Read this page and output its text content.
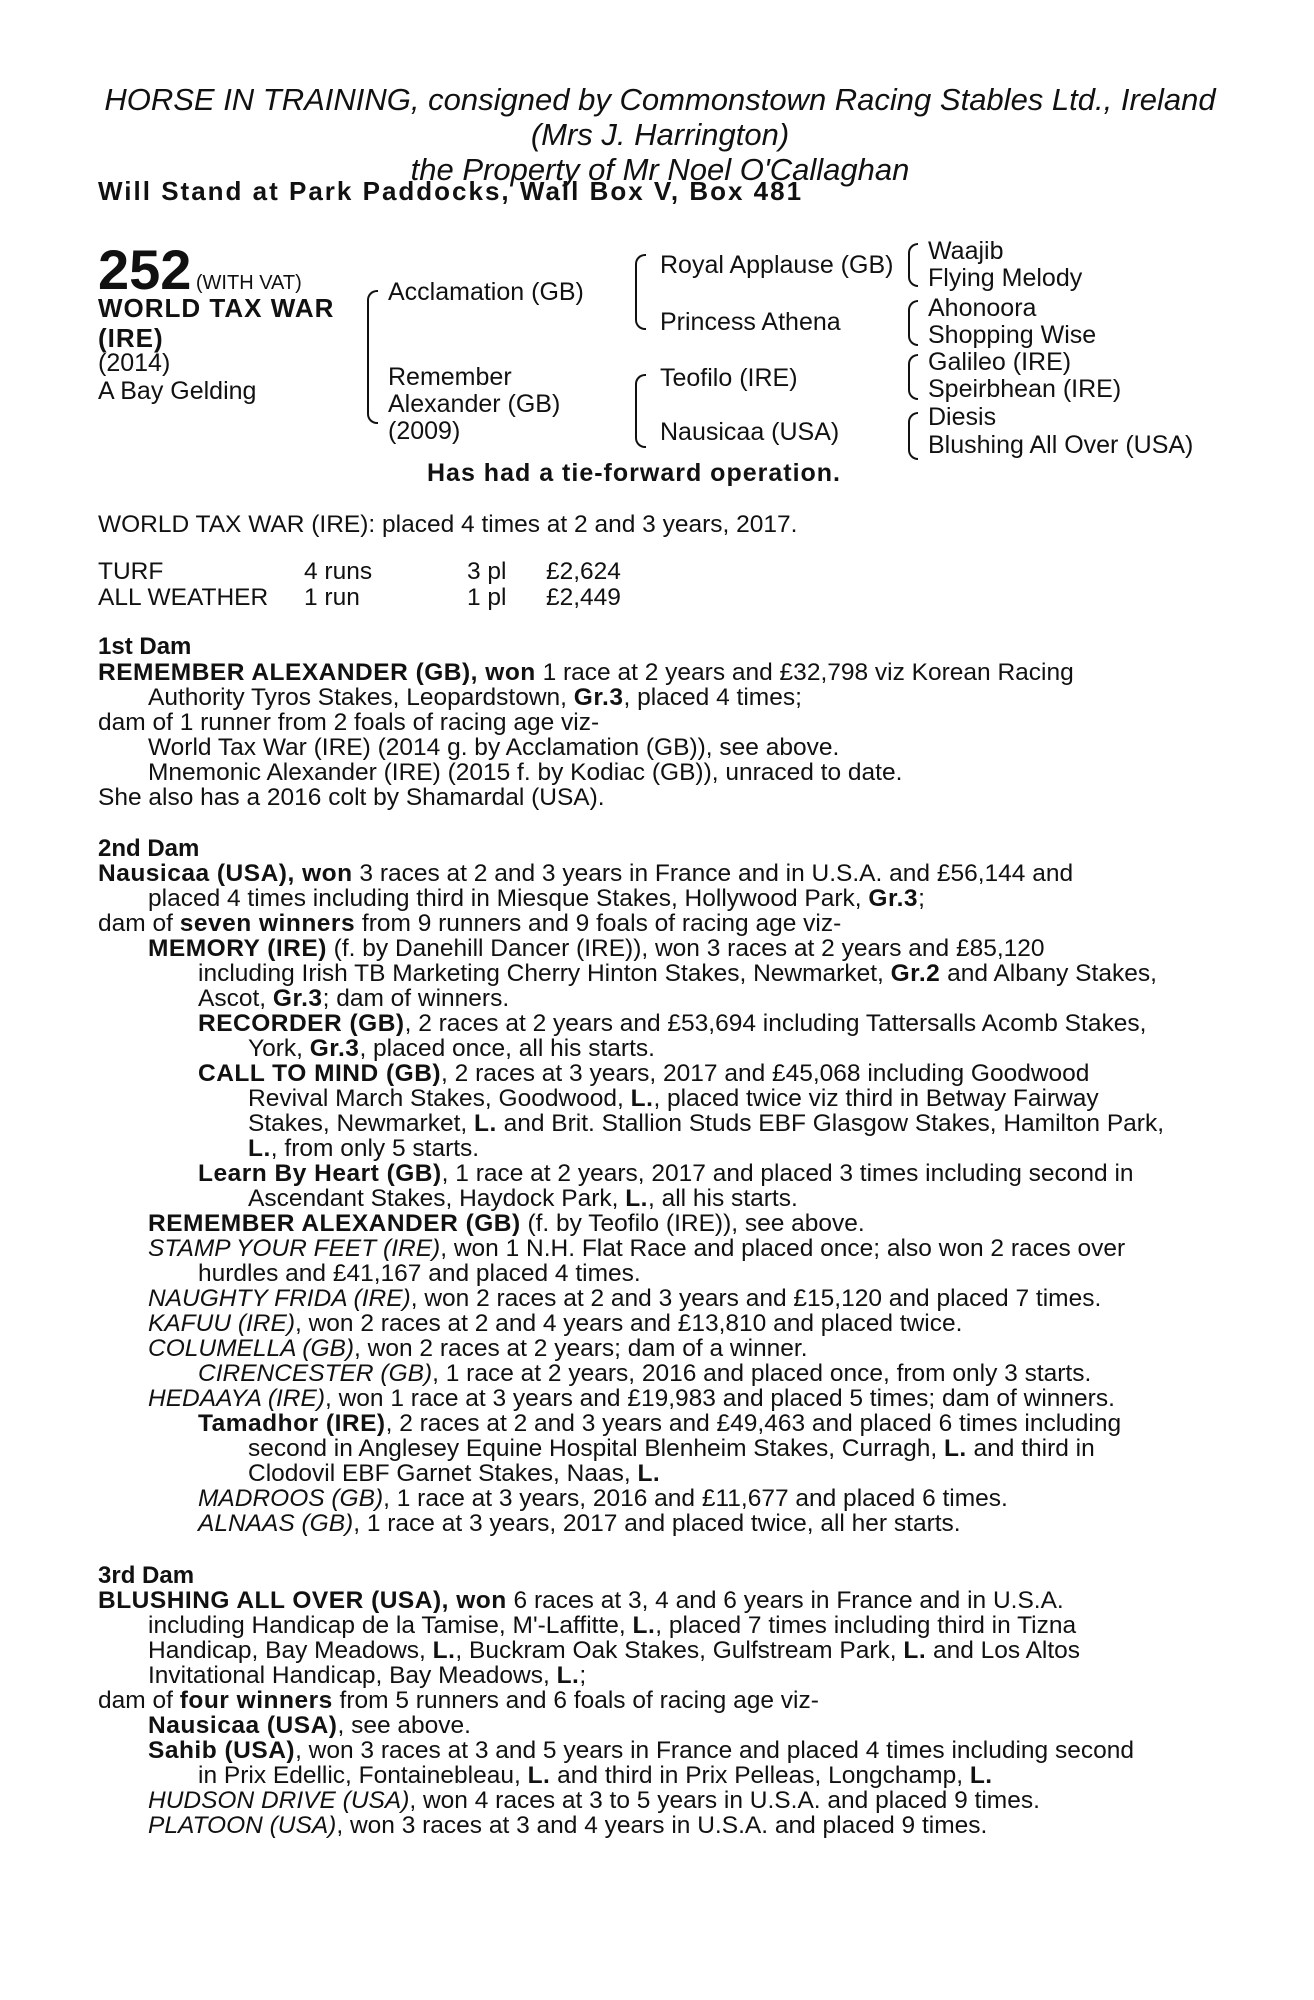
HORSE IN TRAINING, consigned by Commonstown Racing Stables Ltd., Ireland
(Mrs J. Harrington)
the Property of Mr Noel O'Callaghan
Will Stand at Park Paddocks, Wall Box V, Box 481
252 (WITH VAT)
WORLD TAX WAR
(IRE)
(2014)
A Bay Gelding
Acclamation (GB)
Remember
Alexander (GB)
(2009)
Royal Applause (GB)
Princess Athena
Teofilo (IRE)
Nausicaa (USA)
Waajib
Flying Melody
Ahonoora
Shopping Wise
Galileo (IRE)
Speirbhean (IRE)
Diesis
Blushing All Over (USA)
Has had a tie-forward operation.
WORLD TAX WAR (IRE): placed 4 times at 2 and 3 years, 2017.
TURF	4 runs	3 pl £2,624
ALL WEATHER 1 run	1 pl £2,449
1st Dam
REMEMBER ALEXANDER (GB), won 1 race at 2 years and £32,798 viz Korean Racing
Authority Tyros Stakes, Leopardstown, Gr.3, placed 4 times;
dam of 1 runner from 2 foals of racing age viz-
World Tax War (IRE) (2014 g. by Acclamation (GB)), see above.
Mnemonic Alexander (IRE) (2015 f. by Kodiac (GB)), unraced to date.
She also has a 2016 colt by Shamardal (USA).
2nd Dam
Nausicaa (USA), won 3 races at 2 and 3 years in France and in U.S.A. and £56,144 and
placed 4 times including third in Miesque Stakes, Hollywood Park, Gr.3;
dam of seven winners from 9 runners and 9 foals of racing age viz-
MEMORY (IRE) (f. by Danehill Dancer (IRE)), won 3 races at 2 years and £85,120
including Irish TB Marketing Cherry Hinton Stakes, Newmarket, Gr.2 and Albany Stakes,
Ascot, Gr.3; dam of winners.
RECORDER (GB), 2 races at 2 years and £53,694 including Tattersalls Acomb Stakes,
York, Gr.3, placed once, all his starts.
CALL TO MIND (GB), 2 races at 3 years, 2017 and £45,068 including Goodwood
Revival March Stakes, Goodwood, L., placed twice viz third in Betway Fairway
Stakes, Newmarket, L. and Brit. Stallion Studs EBF Glasgow Stakes, Hamilton Park,
L., from only 5 starts.
Learn By Heart (GB), 1 race at 2 years, 2017 and placed 3 times including second in
Ascendant Stakes, Haydock Park, L., all his starts.
REMEMBER ALEXANDER (GB) (f. by Teofilo (IRE)), see above.
STAMP YOUR FEET (IRE), won 1 N.H. Flat Race and placed once; also won 2 races over
hurdles and £41,167 and placed 4 times.
NAUGHTY FRIDA (IRE), won 2 races at 2 and 3 years and £15,120 and placed 7 times.
KAFUU (IRE), won 2 races at 2 and 4 years and £13,810 and placed twice.
COLUMELLA (GB), won 2 races at 2 years; dam of a winner.
CIRENCESTER (GB), 1 race at 2 years, 2016 and placed once, from only 3 starts.
HEDAAYA (IRE), won 1 race at 3 years and £19,983 and placed 5 times; dam of winners.
Tamadhor (IRE), 2 races at 2 and 3 years and £49,463 and placed 6 times including
second in Anglesey Equine Hospital Blenheim Stakes, Curragh, L. and third in
Clodovil EBF Garnet Stakes, Naas, L.
MADROOS (GB), 1 race at 3 years, 2016 and £11,677 and placed 6 times.
ALNAAS (GB), 1 race at 3 years, 2017 and placed twice, all her starts.
3rd Dam
BLUSHING ALL OVER (USA), won 6 races at 3, 4 and 6 years in France and in U.S.A.
including Handicap de la Tamise, M'-Laffitte, L., placed 7 times including third in Tizna
Handicap, Bay Meadows, L., Buckram Oak Stakes, Gulfstream Park, L. and Los Altos
Invitational Handicap, Bay Meadows, L.;
dam of four winners from 5 runners and 6 foals of racing age viz-
Nausicaa (USA), see above.
Sahib (USA), won 3 races at 3 and 5 years in France and placed 4 times including second
in Prix Edellic, Fontainebleau, L. and third in Prix Pelleas, Longchamp, L.
HUDSON DRIVE (USA), won 4 races at 3 to 5 years in U.S.A. and placed 9 times.
PLATOON (USA), won 3 races at 3 and 4 years in U.S.A. and placed 9 times.
